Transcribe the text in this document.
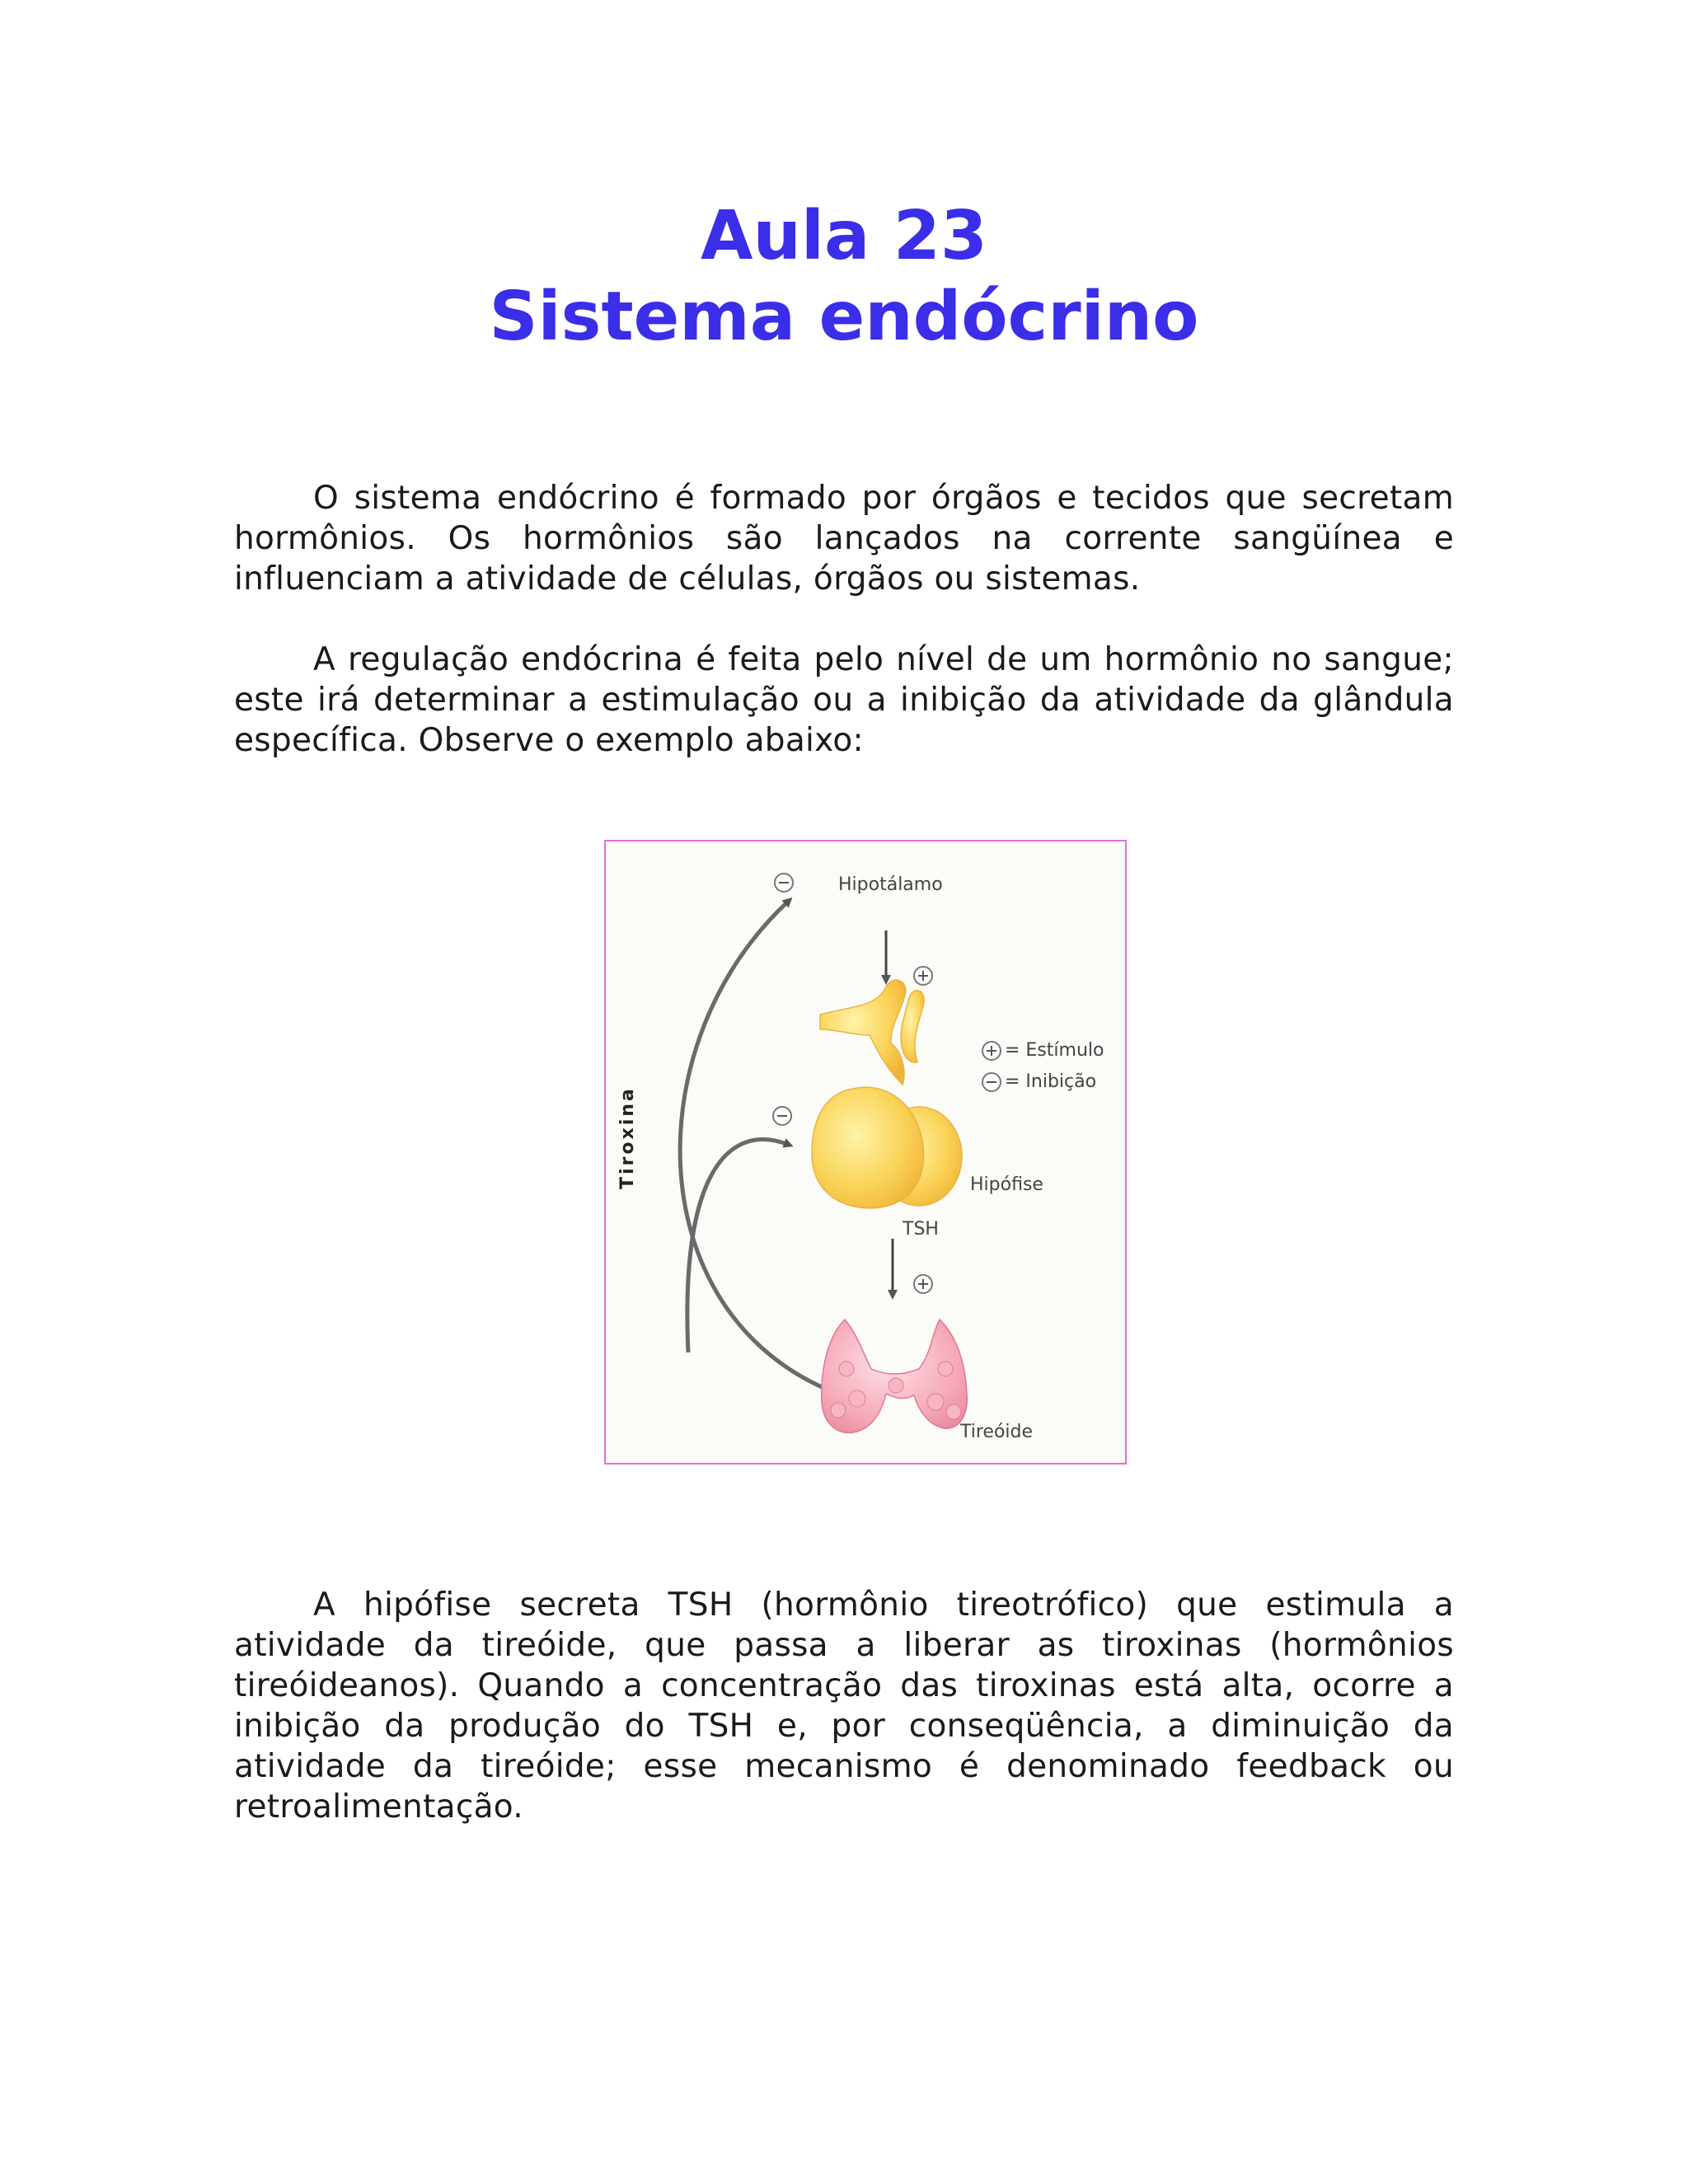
Aula 23
Sistema endócrino

O sistema endócrino é formado por órgãos e tecidos que secretam hormônios. Os hormônios são lançados na corrente sangüínea e influenciam a atividade de células, órgãos ou sistemas.

A regulação endócrina é feita pelo nível de um hormônio no sangue; este irá determinar a estimulação ou a inibição da atividade da glândula específica. Observe o exemplo abaixo:

Hipotálamo
= Estímulo
= Inibição
Hipófise
TSH
Tireóide
Tiroxina

A hipófise secreta TSH (hormônio tireotrófico) que estimula a atividade da tireóide, que passa a liberar as tiroxinas (hormônios tireóideanos). Quando a concentração das tiroxinas está alta, ocorre a inibição da produção do TSH e, por conseqüência, a diminuição da atividade da tireóide; esse mecanismo é denominado feedback ou retroalimentação.
